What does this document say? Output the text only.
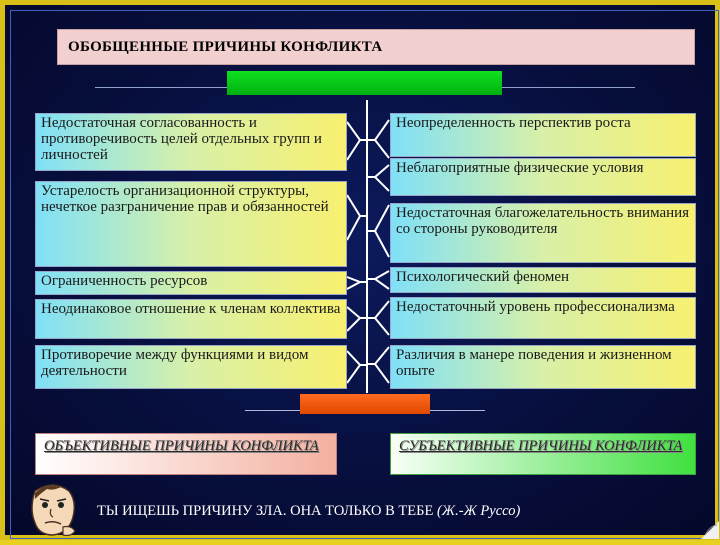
ОБОБЩЕННЫЕ ПРИЧИНЫ КОНФЛИКТА
Недостаточная согласованность и противоречивость целей отдельных групп и личностей
Устарелость организационной структуры, нечеткое разграничение прав и обязанностей
Ограниченность ресурсов
Неодинаковое отношение к членам коллектива
Противоречие между функциями и видом деятельности
Неопределенность перспектив роста
Неблагоприятные физические условия
Недостаточная благожелательность внимания со стороны руководителя
Психологический феномен
Недостаточный уровень профессионализма
Различия в манере поведения и жизненном опыте
ОБЪЕКТИВНЫЕ ПРИЧИНЫ КОНФЛИКТА	СУБЪЕКТИВНЫЕ ПРИЧИНЫ КОНФЛИКТА
ТЫ ИЩЕШЬ ПРИЧИНУ ЗЛА. ОНА ТОЛЬКО В ТЕБЕ (Ж.-Ж Руссо)
